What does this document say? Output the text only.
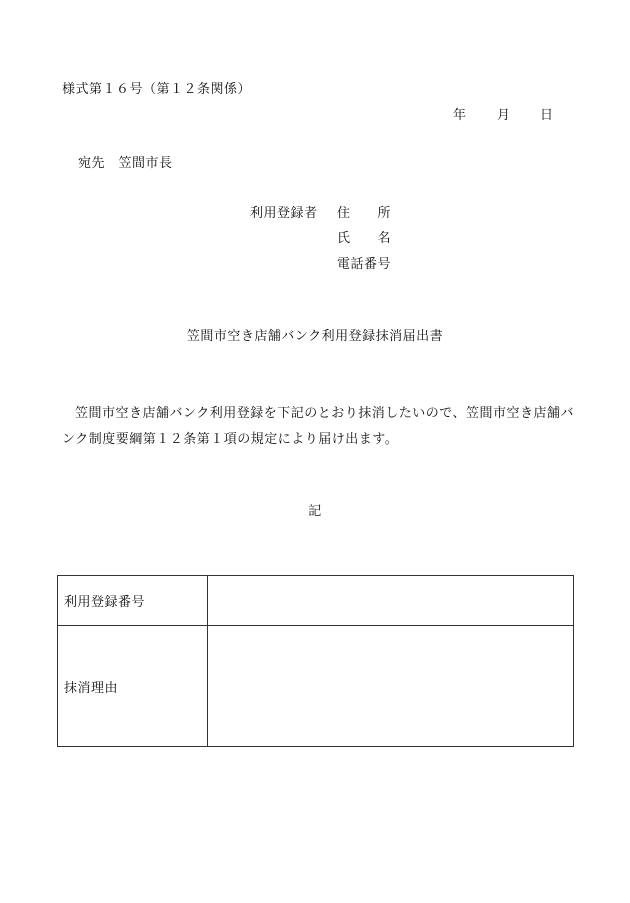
様式第１６号（第１２条関係）
年 月 日
宛先　笠間市長
利用登録者 住　　所
氏　　名
電話番号
笠間市空き店舗バンク利用登録抹消届出書
笠間市空き店舗バンク利用登録を下記のとおり抹消したいので、笠間市空き店舗バンク制度要綱第１２条第１項の規定により届け出ます。
記
利用登録番号	
抹消理由	
